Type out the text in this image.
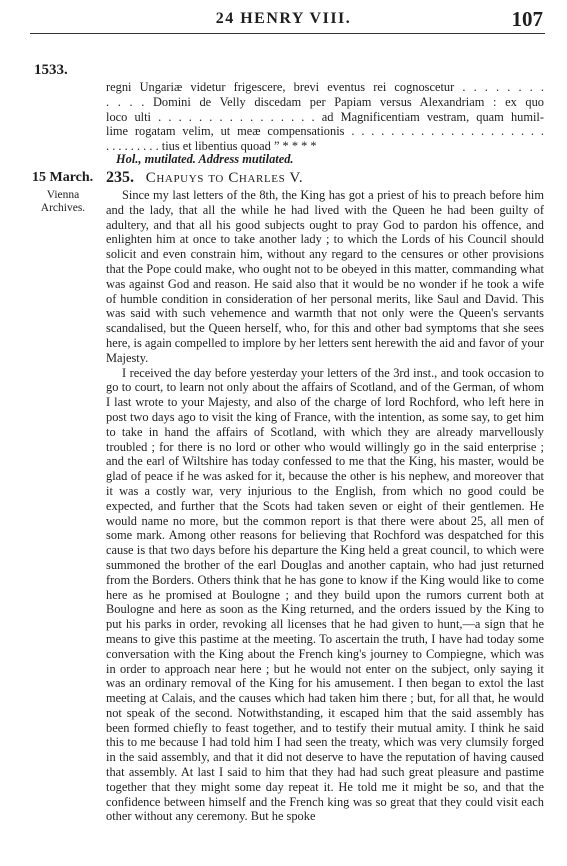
24 HENRY VIII.	107
1533.
15 March.
Vienna
Archives.
regni Ungariæ videtur frigescere, brevi eventus rei cognoscetur . . . . . . . .
. . . . Domini de Velly discedam per Papiam versus Alexandriam : ex quo
loco ulti . . . . . . . . . . . . . . . . ad Magnificentiam vestram, quam humil-
lime rogatam velim, ut meæ compensationis . . . . . . . . . . . . . . . . . . . .
. . . . . . . . . tius et libentius quoad ” * * * *
Hol., mutilated. Address mutilated.
235. Chapuys to Charles V.

Since my last letters of the 8th, the King has got a priest of his to preach before him and the lady, that all the while he had lived with the Queen he had been guilty of adultery, and that all his good subjects ought to pray God to pardon his offence, and enlighten him at once to take another lady ; to which the Lords of his Council should solicit and even constrain him, without any regard to the censures or other provisions that the Pope could make, who ought not to be obeyed in this matter, commanding what was against God and reason. He said also that it would be no wonder if he took a wife of humble condition in consideration of her personal merits, like Saul and David. This was said with such vehemence and warmth that not only were the Queen's servants scandalised, but the Queen herself, who, for this and other bad symptoms that she sees here, is again compelled to implore by her letters sent herewith the aid and favor of your Majesty.

I received the day before yesterday your letters of the 3rd inst., and took occasion to go to court, to learn not only about the affairs of Scotland, and of the German, of whom I last wrote to your Majesty, and also of the charge of lord Rochford, who left here in post two days ago to visit the king of France, with the intention, as some say, to get him to take in hand the affairs of Scotland, with which they are already marvellously troubled ; for there is no lord or other who would willingly go in the said enterprise ; and the earl of Wiltshire has today confessed to me that the King, his master, would be glad of peace if he was asked for it, because the other is his nephew, and moreover that it was a costly war, very injurious to the English, from which no good could be expected, and further that the Scots had taken seven or eight of their gentlemen. He would name no more, but the common report is that there were about 25, all men of some mark. Among other reasons for believing that Rochford was despatched for this cause is that two days before his departure the King held a great council, to which were summoned the brother of the earl Douglas and another captain, who had just returned from the Borders. Others think that he has gone to know if the King would like to come here as he promised at Boulogne ; and they build upon the rumors current both at Boulogne and here as soon as the King returned, and the orders issued by the King to put his parks in order, revoking all licenses that he had given to hunt,—a sign that he means to give this pastime at the meeting. To ascertain the truth, I have had today some conversation with the King about the French king's journey to Compiegne, which was in order to approach near here ; but he would not enter on the subject, only saying it was an ordinary removal of the King for his amusement. I then began to extol the last meeting at Calais, and the causes which had taken him there ; but, for all that, he would not speak of the second. Notwithstanding, it escaped him that the said assembly has been formed chiefly to feast together, and to testify their mutual amity. I think he said this to me because I had told him I had seen the treaty, which was very clumsily forged in the said assembly, and that it did not deserve to have the reputation of having caused that assembly. At last I said to him that they had had such great pleasure and pastime together that they might some day repeat it. He told me it might be so, and that the confidence between himself and the French king was so great that they could visit each other without any ceremony. But he spoke
